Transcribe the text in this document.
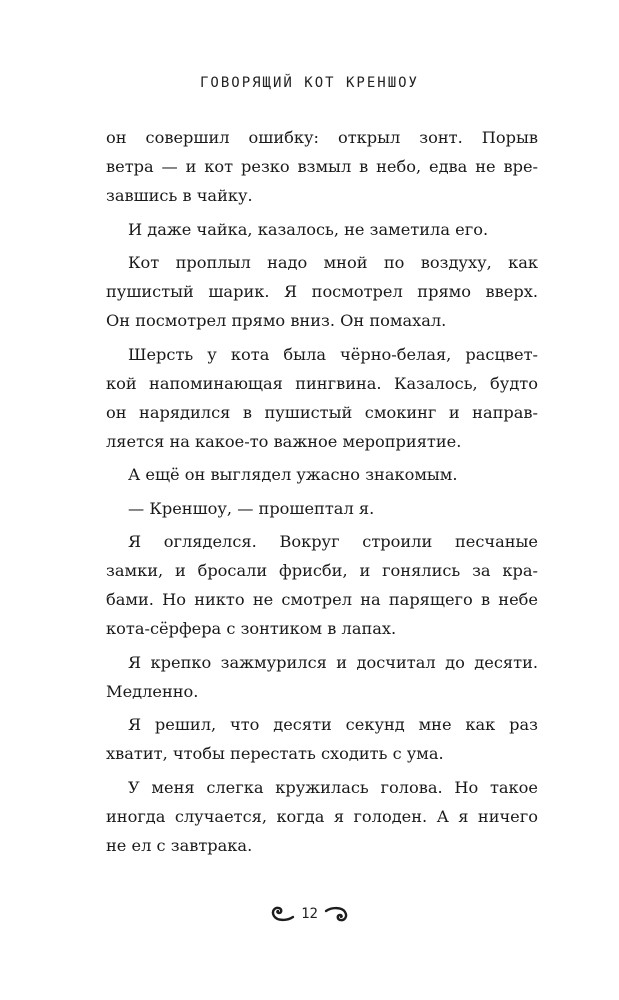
ГОВОРЯЩИЙ КОТ КРЕНШОУ

он совершил ошибку: открыл зонт. Порыв
ветра — и кот резко взмыл в небо, едва не вре-
завшись в чайку.

И даже чайка, казалось, не заметила его.

Кот проплыл надо мной по воздуху, как
пушистый шарик. Я посмотрел прямо вверх.
Он посмотрел прямо вниз. Он помахал.

Шерсть у кота была чёрно-белая, расцвет-
кой напоминающая пингвина. Казалось, будто
он нарядился в пушистый смокинг и направ-
ляется на какое-то важное мероприятие.

А ещё он выглядел ужасно знакомым.

— Креншоу, — прошептал я.

Я огляделся. Вокруг строили песчаные
замки, и бросали фрисби, и гонялись за кра-
бами. Но никто не смотрел на парящего в небе
кота-сёрфера с зонтиком в лапах.

Я крепко зажмурился и досчитал до десяти.
Медленно.

Я решил, что десяти секунд мне как раз
хватит, чтобы перестать сходить с ума.

У меня слегка кружилась голова. Но такое
иногда случается, когда я голоден. А я ничего
не ел с завтрака.

12
